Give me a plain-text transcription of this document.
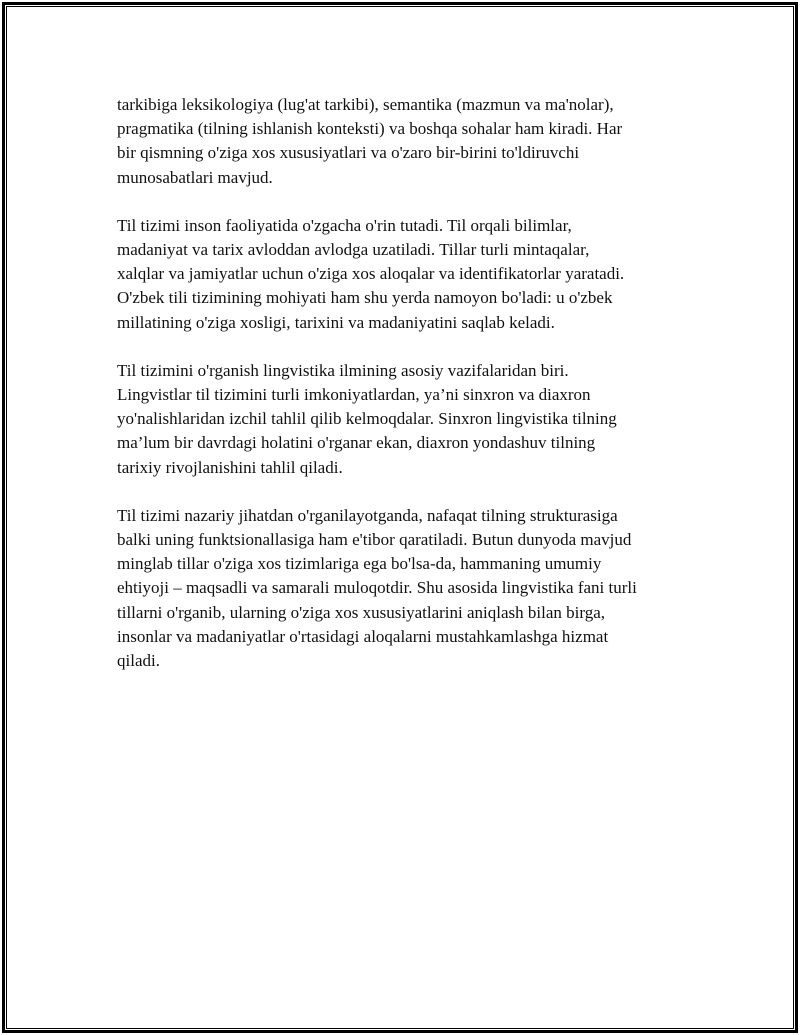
tarkibiga leksikologiya (lug'at tarkibi), semantika (mazmun va ma'nolar),
pragmatika (tilning ishlanish konteksti) va boshqa sohalar ham kiradi. Har
bir qismning o'ziga xos xususiyatlari va o'zaro bir-birini to'ldiruvchi
munosabatlari mavjud.

Til tizimi inson faoliyatida o'zgacha o'rin tutadi. Til orqali bilimlar,
madaniyat va tarix avloddan avlodga uzatiladi. Tillar turli mintaqalar,
xalqlar va jamiyatlar uchun o'ziga xos aloqalar va identifikatorlar yaratadi.
O'zbek tili tizimining mohiyati ham shu yerda namoyon bo'ladi: u o'zbek
millatining o'ziga xosligi, tarixini va madaniyatini saqlab keladi.

Til tizimini o'rganish lingvistika ilmining asosiy vazifalaridan biri.
Lingvistlar til tizimini turli imkoniyatlardan, ya’ni sinxron va diaxron
yo'nalishlaridan izchil tahlil qilib kelmoqdalar. Sinxron lingvistika tilning
ma’lum bir davrdagi holatini o'rganar ekan, diaxron yondashuv tilning
tarixiy rivojlanishini tahlil qiladi.

Til tizimi nazariy jihatdan o'rganilayotganda, nafaqat tilning strukturasiga
balki uning funktsionallasiga ham e'tibor qaratiladi. Butun dunyoda mavjud
minglab tillar o'ziga xos tizimlariga ega bo'lsa-da, hammaning umumiy
ehtiyoji – maqsadli va samarali muloqotdir. Shu asosida lingvistika fani turli
tillarni o'rganib, ularning o'ziga xos xususiyatlarini aniqlash bilan birga,
insonlar va madaniyatlar o'rtasidagi aloqalarni mustahkamlashga hizmat
qiladi.
